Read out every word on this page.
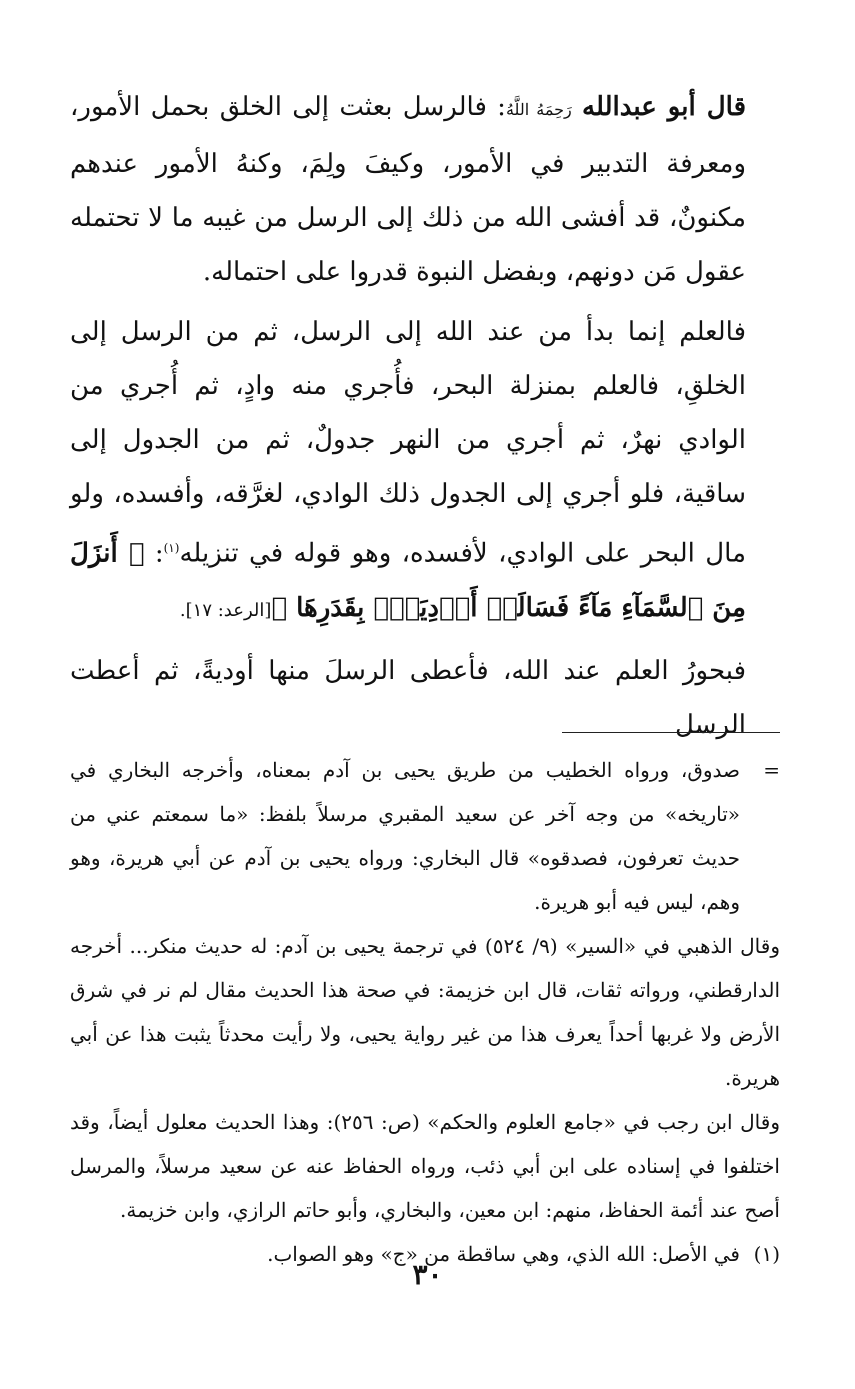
قال أبو عبدالله رَحِمَهُ اللَّهُ: فالرسل بعثت إلى الخلق بحمل الأمور، ومعرفة التدبير في الأمور، وكيفَ ولِمَ، وكنهُ الأمور عندهم مكنونٌ، قد أفشى الله من ذلك إلى الرسل من غيبه ما لا تحتمله عقول مَن دونهم، وبفضل النبوة قدروا على احتماله.

فالعلم إنما بدأ من عند الله إلى الرسل، ثم من الرسل إلى الخلقِ، فالعلم بمنزلة البحر، فأُجري منه وادٍ، ثم أُجري من الوادي نهرٌ، ثم أجري من النهر جدولٌ، ثم من الجدول إلى ساقية، فلو أجري إلى الجدول ذلك الوادي، لغرَّقه، وأفسده، ولو مال البحر على الوادي، لأفسده، وهو قوله في تنزيله$^{(١)}$: ﴿ أَنزَلَ مِنَ ٱلسَّمَآءِ مَآءً فَسَالَتۡ أَوۡدِيَةُۢ بِقَدَرِهَا ﴾[الرعد: ١٧].

فبحورُ العلم عند الله، فأعطى الرسلَ منها أوديةً، ثم أعطت الرسل

=
صدوق، ورواه الخطيب من طريق يحيى بن آدم بمعناه، وأخرجه البخاري في «تاريخه» من وجه آخر عن سعيد المقبري مرسلاً بلفظ: «ما سمعتم عني من حديث تعرفون، فصدقوه» قال البخاري: ورواه يحيى بن آدم عن أبي هريرة، وهو وهم، ليس فيه أبو هريرة.

وقال الذهبي في «السير» (٩/ ٥٢٤) في ترجمة يحيى بن آدم: له حديث منكر... أخرجه الدارقطني، ورواته ثقات، قال ابن خزيمة: في صحة هذا الحديث مقال لم نر في شرق الأرض ولا غربها أحداً يعرف هذا من غير رواية يحيى، ولا رأيت محدثاً يثبت هذا عن أبي هريرة.

وقال ابن رجب في «جامع العلوم والحكم» (ص: ٢٥٦): وهذا الحديث معلول أيضاً، وقد اختلفوا في إسناده على ابن أبي ذئب، ورواه الحفاظ عنه عن سعيد مرسلاً، والمرسل أصح عند أئمة الحفاظ، منهم: ابن معين، والبخاري، وأبو حاتم الرازي، وابن خزيمة.

(١)
في الأصل: الله الذي، وهي ساقطة من «ج» وهو الصواب.

٣٠
